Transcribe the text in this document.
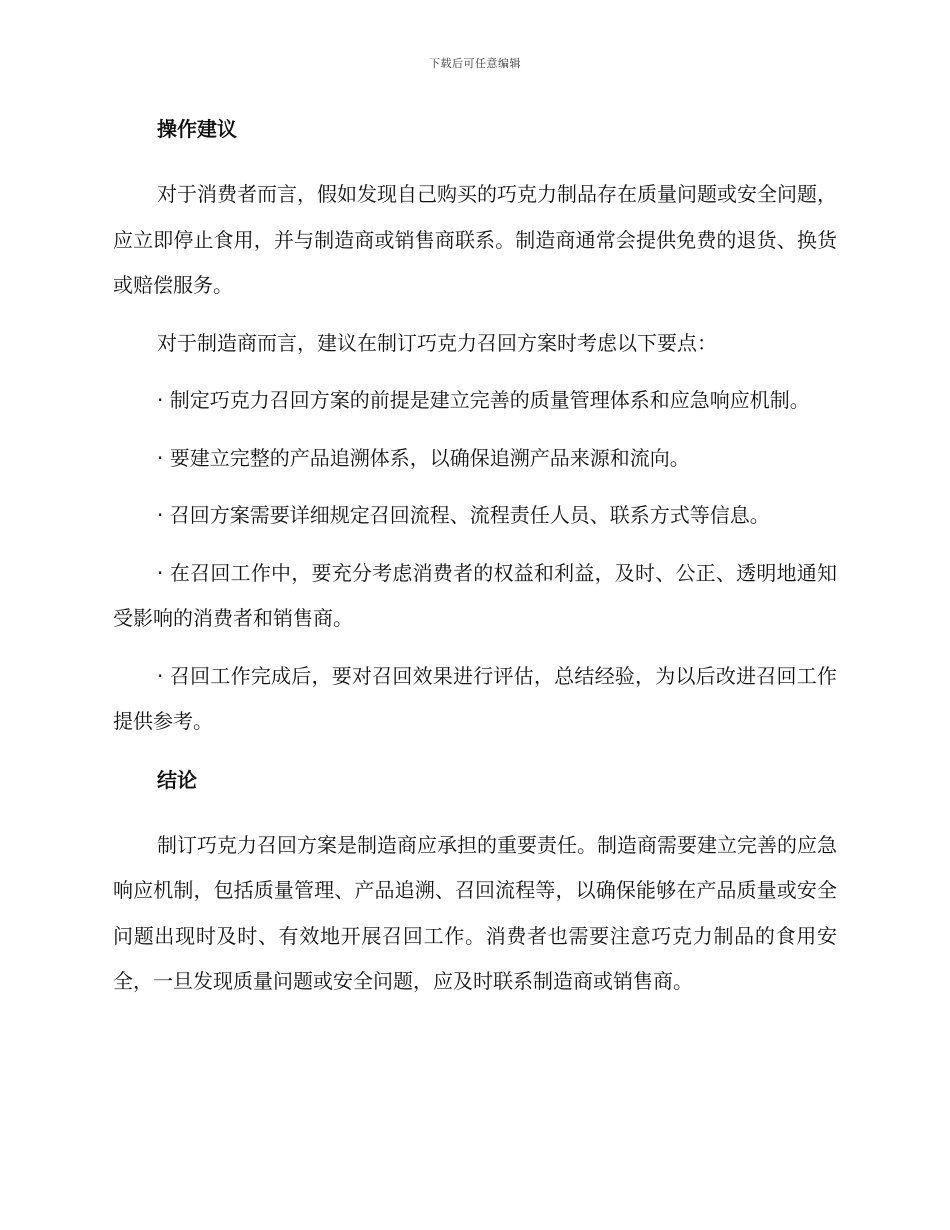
下载后可任意编辑
操作建议

对于消费者而言，假如发现自己购买的巧克力制品存在质量问题或安全问题，应立即停止食用，并与制造商或销售商联系。制造商通常会提供免费的退货、换货或赔偿服务。

对于制造商而言，建议在制订巧克力召回方案时考虑以下要点：

· 制定巧克力召回方案的前提是建立完善的质量管理体系和应急响应机制。

· 要建立完整的产品追溯体系，以确保追溯产品来源和流向。

· 召回方案需要详细规定召回流程、流程责任人员、联系方式等信息。

· 在召回工作中，要充分考虑消费者的权益和利益，及时、公正、透明地通知受影响的消费者和销售商。

· 召回工作完成后，要对召回效果进行评估，总结经验，为以后改进召回工作提供参考。

结论

制订巧克力召回方案是制造商应承担的重要责任。制造商需要建立完善的应急响应机制，包括质量管理、产品追溯、召回流程等，以确保能够在产品质量或安全问题出现时及时、有效地开展召回工作。消费者也需要注意巧克力制品的食用安全，一旦发现质量问题或安全问题，应及时联系制造商或销售商。
